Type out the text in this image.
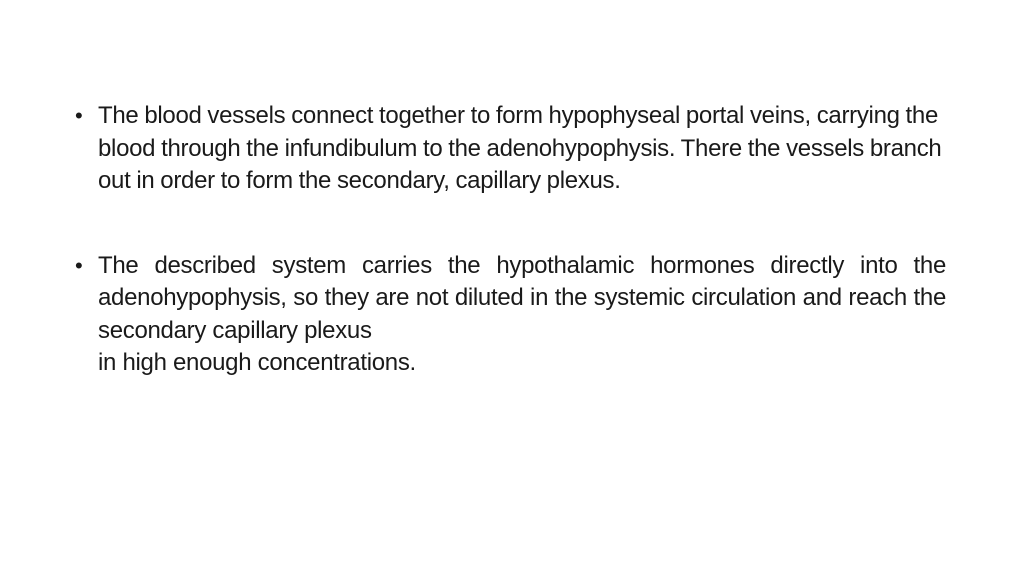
• The blood vessels connect together to form hypophyseal portal veins, carrying the blood through the infundibulum to the adenohypophysis. There the vessels branch out in order to form the secondary, capillary plexus.
• The described system carries the hypothalamic hormones directly into the adenohypophysis, so they are not diluted in the systemic circulation and reach the secondary capillary plexus
in high enough concentrations.
